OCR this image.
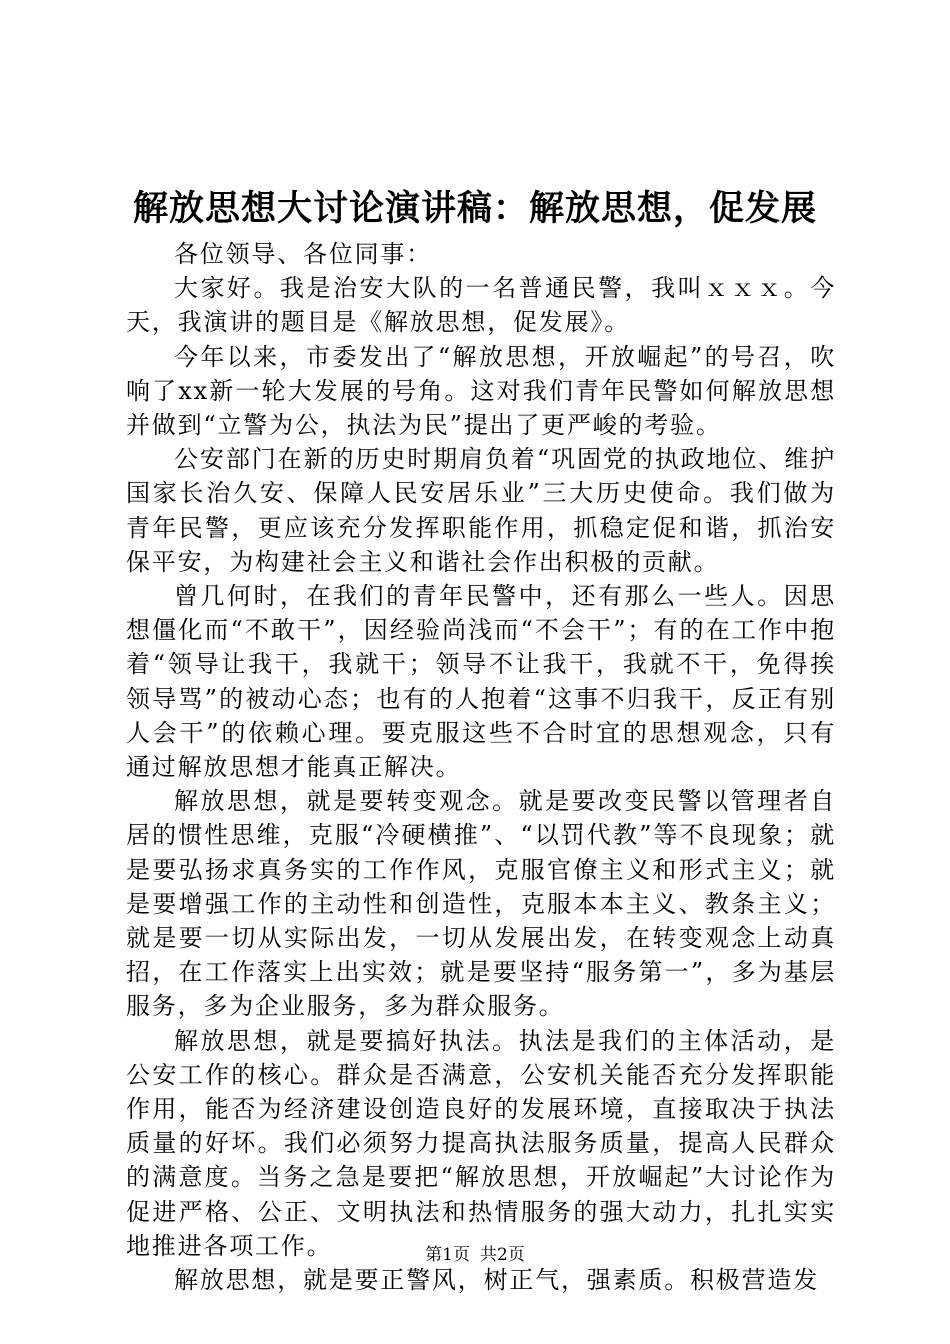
解放思想大讨论演讲稿：解放思想，促发展

各位领导、各位同事：

大家好。我是治安大队的一名普通民警，我叫ｘｘｘ。今天，我演讲的题目是《解放思想，促发展》。

今年以来，市委发出了“解放思想，开放崛起”的号召，吹响了xx新一轮大发展的号角。这对我们青年民警如何解放思想并做到“立警为公，执法为民”提出了更严峻的考验。

公安部门在新的历史时期肩负着“巩固党的执政地位、维护国家长治久安、保障人民安居乐业”三大历史使命。我们做为青年民警，更应该充分发挥职能作用，抓稳定促和谐，抓治安保平安，为构建社会主义和谐社会作出积极的贡献。

曾几何时，在我们的青年民警中，还有那么一些人。因思想僵化而“不敢干”，因经验尚浅而“不会干”；有的在工作中抱着“领导让我干，我就干；领导不让我干，我就不干，免得挨领导骂”的被动心态；也有的人抱着“这事不归我干，反正有别人会干”的依赖心理。要克服这些不合时宜的思想观念，只有通过解放思想才能真正解决。

解放思想，就是要转变观念。就是要改变民警以管理者自居的惯性思维，克服“冷硬横推”、“以罚代教”等不良现象；就是要弘扬求真务实的工作作风，克服官僚主义和形式主义；就是要增强工作的主动性和创造性，克服本本主义、教条主义；就是要一切从实际出发，一切从发展出发，在转变观念上动真招，在工作落实上出实效；就是要坚持“服务第一”，多为基层服务，多为企业服务，多为群众服务。

解放思想，就是要搞好执法。执法是我们的主体活动，是公安工作的核心。群众是否满意，公安机关能否充分发挥职能作用，能否为经济建设创造良好的发展环境，直接取决于执法质量的好坏。我们必须努力提高执法服务质量，提高人民群众的满意度。当务之急是要把“解放思想，开放崛起”大讨论作为促进严格、公正、文明执法和热情服务的强大动力，扎扎实实地推进各项工作。

解放思想，就是要正警风，树正气，强素质。积极营造发

第1页 共2页
